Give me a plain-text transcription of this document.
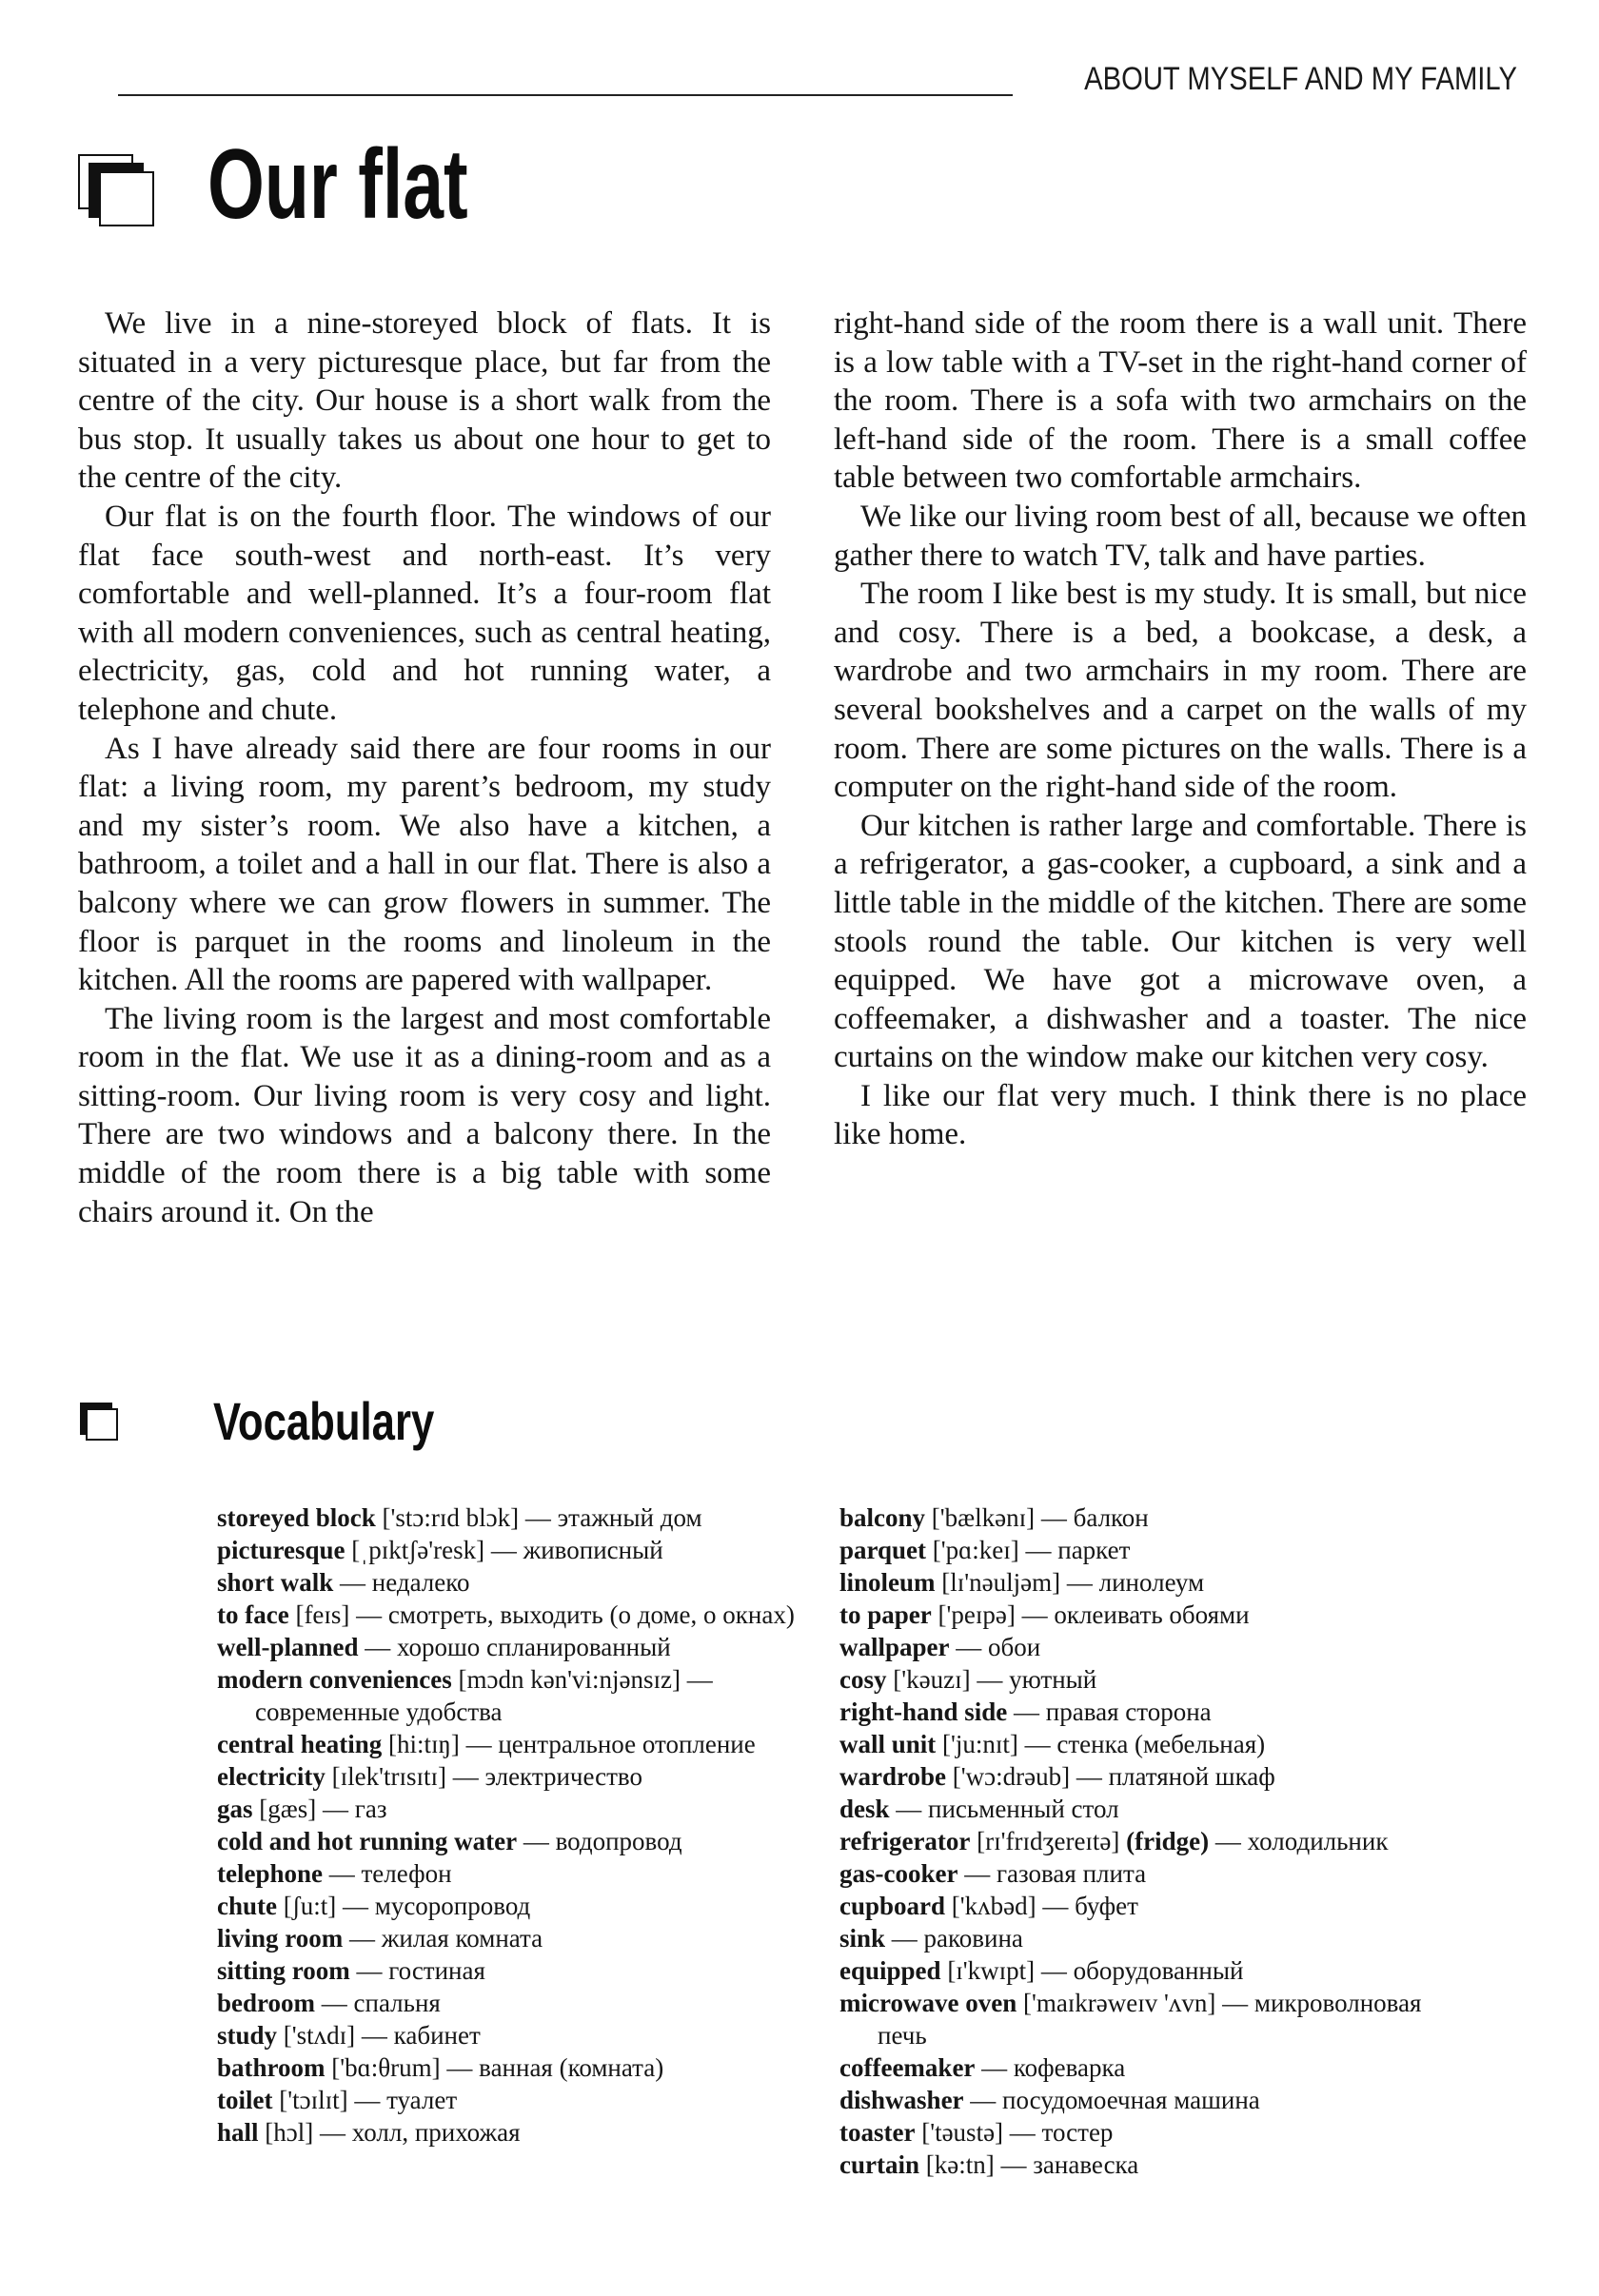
ABOUT MYSELF AND MY FAMILY
Our flat

We live in a nine-storeyed block of flats. It is situated in a very picturesque place, but far from the centre of the city. Our house is a short walk from the bus stop. It usually takes us about one hour to get to the centre of the city.

Our flat is on the fourth floor. The windows of our flat face south-west and north-east. It’s very comfortable and well-planned. It’s a four-room flat with all modern conveniences, such as central heating, electricity, gas, cold and hot running water, a telephone and chute.

As I have already said there are four rooms in our flat: a living room, my parent’s bedroom, my study and my sister’s room. We also have a kitchen, a bathroom, a toilet and a hall in our flat. There is also a balcony where we can grow flowers in summer. The floor is parquet in the rooms and linoleum in the kitchen. All the rooms are papered with wallpaper.

The living room is the largest and most comfortable room in the flat. We use it as a dining-room and as a sitting-room. Our living room is very cosy and light. There are two windows and a balcony there. In the middle of the room there is a big table with some chairs around it. On the

right-hand side of the room there is a wall unit. There is a low table with a TV-set in the right-hand corner of the room. There is a sofa with two armchairs on the left-hand side of the room. There is a small coffee table between two comfortable armchairs.

We like our living room best of all, because we often gather there to watch TV, talk and have parties.

The room I like best is my study. It is small, but nice and cosy. There is a bed, a bookcase, a desk, a wardrobe and two armchairs in my room. There are several bookshelves and a carpet on the walls of my room. There are some pictures on the walls. There is a computer on the right-hand side of the room.

Our kitchen is rather large and comfortable. There is a refrigerator, a gas-cooker, a cupboard, a sink and a little table in the middle of the kitchen. There are some stools round the table. Our kitchen is very well equipped. We have got a microwave oven, a coffeemaker, a dishwasher and a toaster. The nice curtains on the window make our kitchen very cosy.

I like our flat very much. I think there is no place like home.

Vocabulary

storeyed block ['stɔ:rɪd blɔk] — этажный дом

picturesque [ˌpɪktʃə'resk] — живописный

short walk — недалеко

to face [feɪs] — смотреть, выходить (о доме, о окнах)

well-planned — хорошо спланированный

modern conveniences [mɔdn kən'vi:njənsɪz] — современные удобства

central heating [hi:tɪŋ] — центральное отопление

electricity [ɪlek'trɪsɪtɪ] — электричество

gas [gæs] — газ

cold and hot running water — водопровод

telephone — телефон

chute [ʃu:t] — мусоропровод

living room — жилая комната

sitting room — гостиная

bedroom — спальня

study ['stʌdɪ] — кабинет

bathroom ['bɑ:θrum] — ванная (комната)

toilet ['tɔɪlɪt] — туалет

hall [hɔl] — холл, прихожая

balcony ['bælkənɪ] — балкон

parquet ['pɑ:keɪ] — паркет

linoleum [lɪ'nəuljəm] — линолеум

to paper ['peɪpə] — оклеивать обоями

wallpaper — обои

cosy ['kəuzɪ] — уютный

right-hand side — правая сторона

wall unit ['ju:nɪt] — стенка (мебельная)

wardrobe ['wɔ:drəub] — платяной шкаф

desk — письменный стол

refrigerator [rɪ'frɪdʒereɪtə] (fridge) — холодильник

gas-cooker — газовая плита

cupboard ['kʌbəd] — буфет

sink — раковина

equipped [ɪ'kwɪpt] — оборудованный

microwave oven ['maɪkrəweɪv 'ʌvn] — микроволновая печь

coffeemaker — кофеварка

dishwasher — посудомоечная машина

toaster ['təustə] — тостер

curtain [kə:tn] — занавеска
